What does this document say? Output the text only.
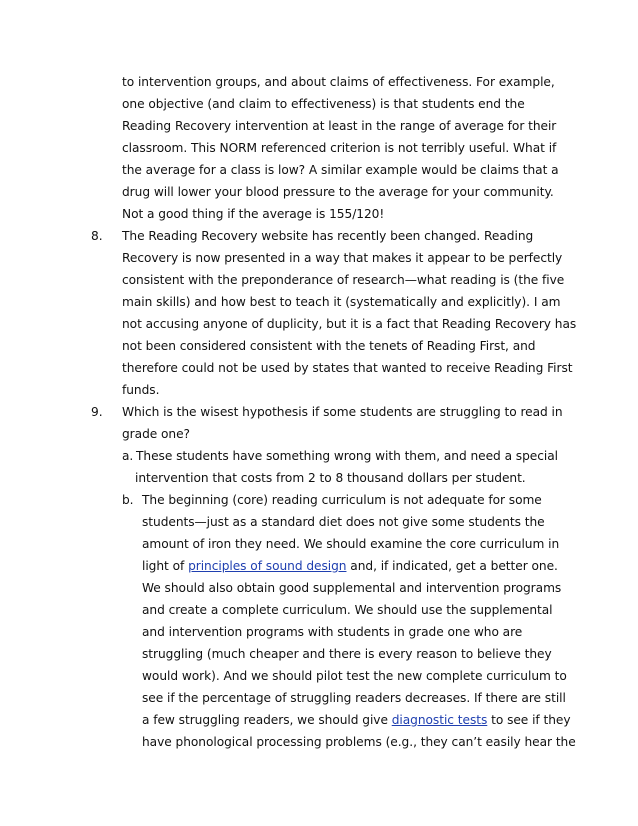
to intervention groups, and about claims of effectiveness. For example,
one objective (and claim to effectiveness) is that students end the
Reading Recovery intervention at least in the range of average for their
classroom. This NORM referenced criterion is not terribly useful. What if
the average for a class is low? A similar example would be claims that a
drug will lower your blood pressure to the average for your community.
Not a good thing if the average is 155/120!
8. The Reading Recovery website has recently been changed. Reading
Recovery is now presented in a way that makes it appear to be perfectly
consistent with the preponderance of research—what reading is (the five
main skills) and how best to teach it (systematically and explicitly). I am
not accusing anyone of duplicity, but it is a fact that Reading Recovery has
not been considered consistent with the tenets of Reading First, and
therefore could not be used by states that wanted to receive Reading First
funds.
9. Which is the wisest hypothesis if some students are struggling to read in
grade one?
a. These students have something wrong with them, and need a special
intervention that costs from 2 to 8 thousand dollars per student.
b. The beginning (core) reading curriculum is not adequate for some
students—just as a standard diet does not give some students the
amount of iron they need. We should examine the core curriculum in
light of principles of sound design and, if indicated, get a better one.
We should also obtain good supplemental and intervention programs
and create a complete curriculum. We should use the supplemental
and intervention programs with students in grade one who are
struggling (much cheaper and there is every reason to believe they
would work). And we should pilot test the new complete curriculum to
see if the percentage of struggling readers decreases. If there are still
a few struggling readers, we should give diagnostic tests to see if they
have phonological processing problems (e.g., they can’t easily hear the
